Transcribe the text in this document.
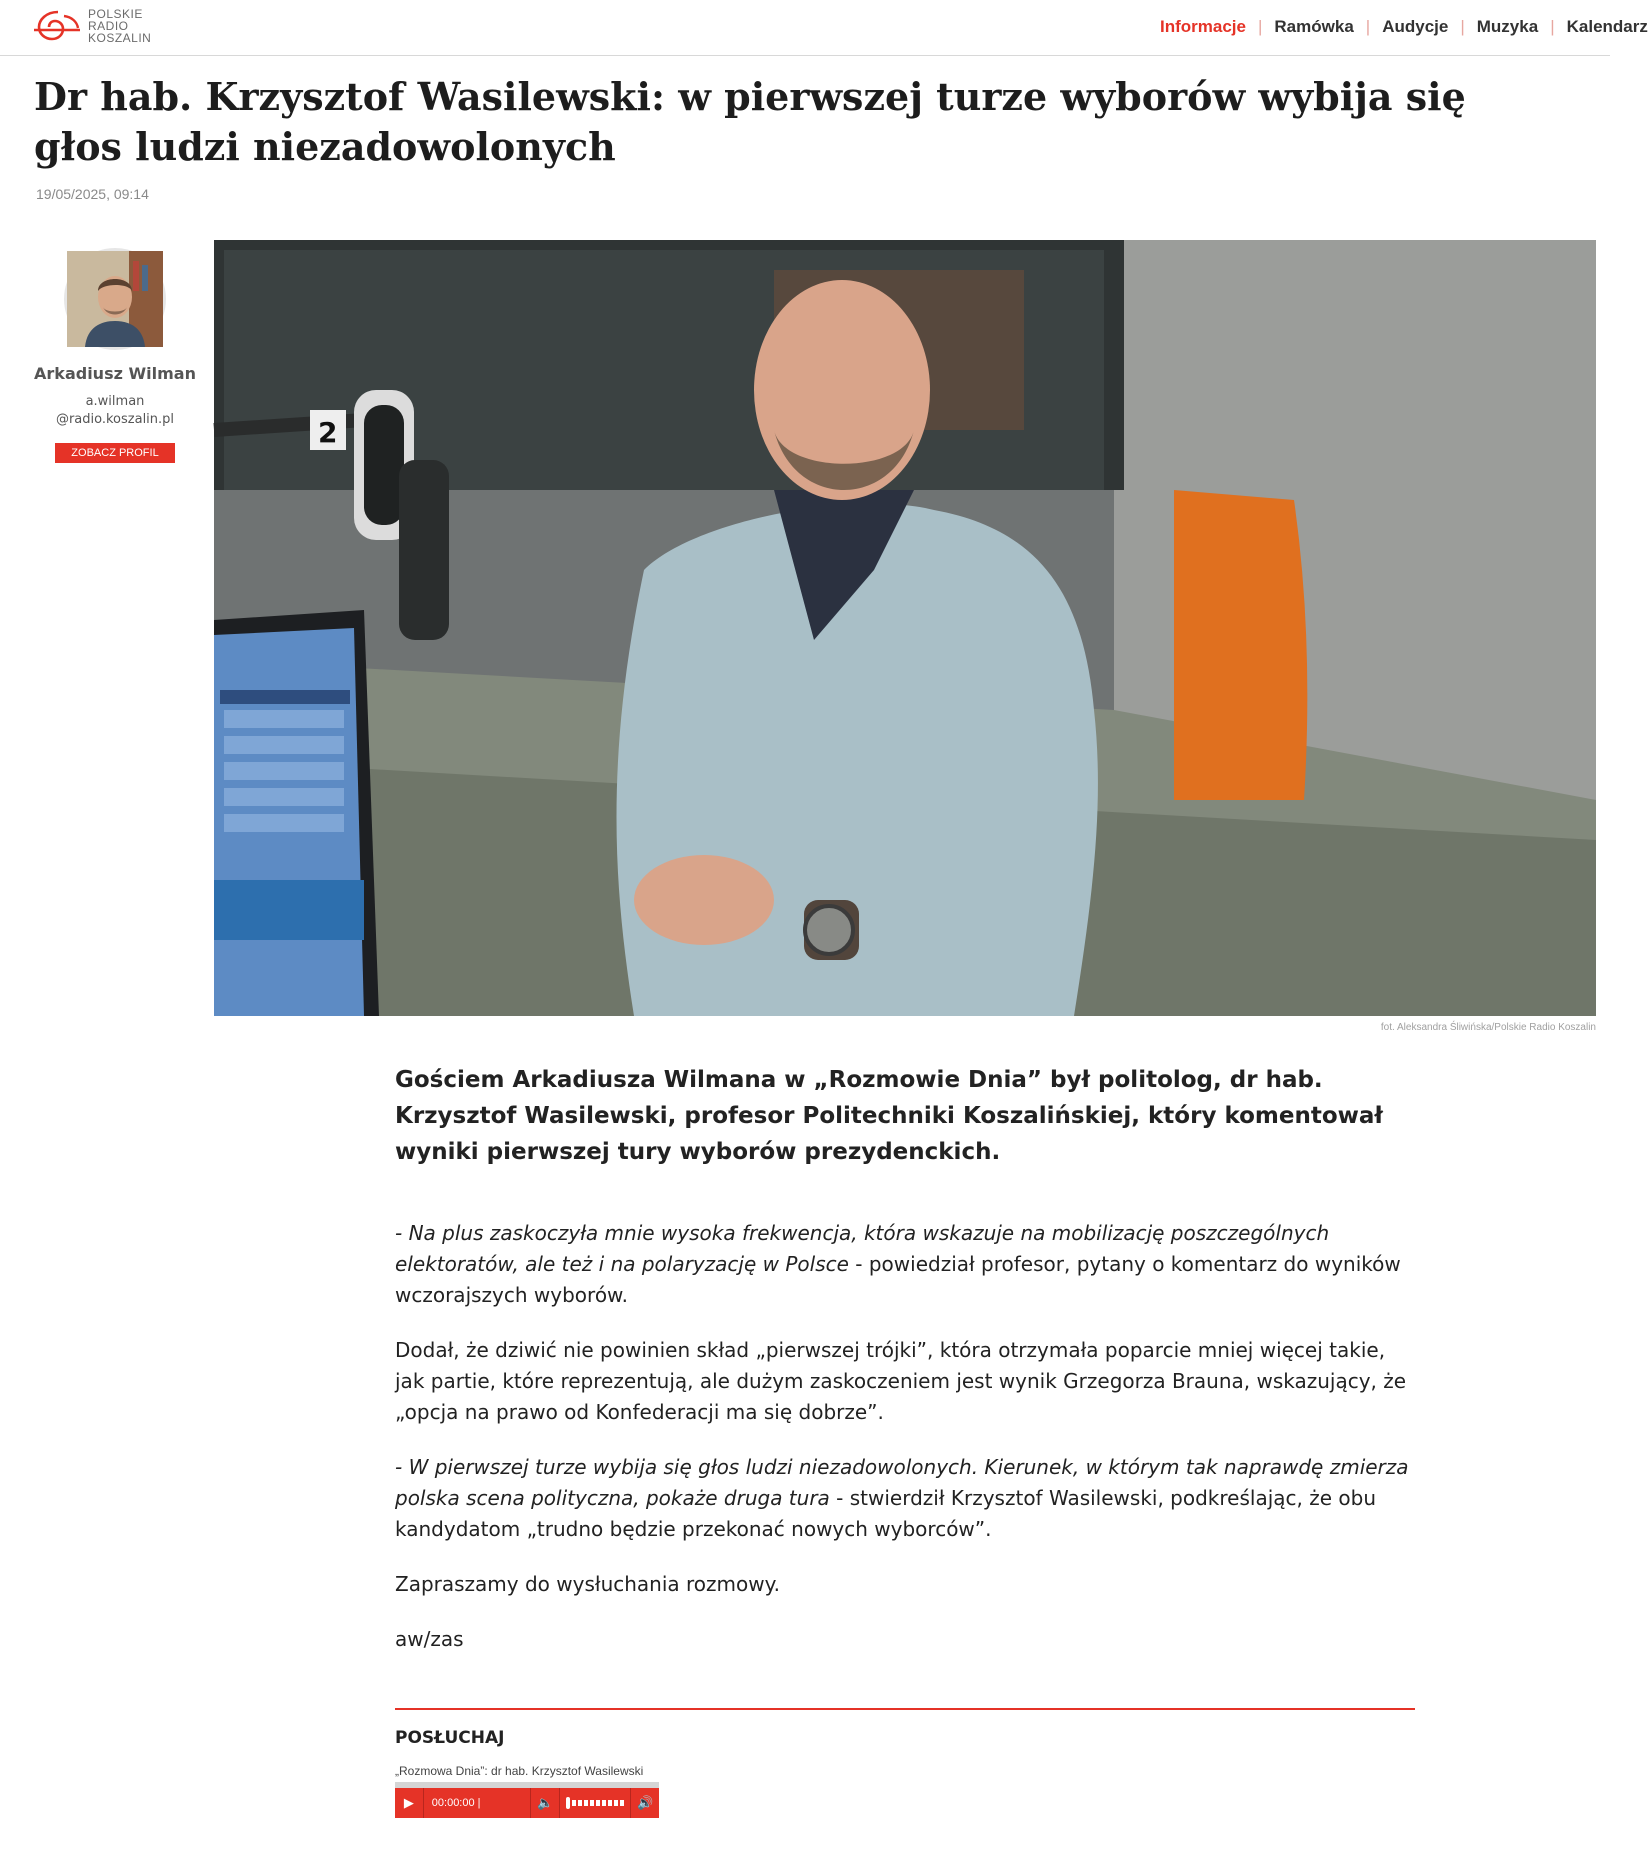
POLSKIE
RADIO
KOSZALIN
Informacje | Ramówka | Audycje | Muzyka | Kalendarz
Dr hab. Krzysztof Wasilewski: w pierwszej turze wyborów wybija się głos ludzi niezadowolonych
19/05/2025, 09:14
Arkadiusz Wilman
a.wilman
@radio.koszalin.pl
ZOBACZ PROFIL
2
fot. Aleksandra Śliwińska/Polskie Radio Koszalin

Gościem Arkadiusza Wilmana w „Rozmowie Dnia” był politolog, dr hab. Krzysztof Wasilewski, profesor Politechniki Koszalińskiej, który komentował wyniki pierwszej tury wyborów prezydenckich.

- Na plus zaskoczyła mnie wysoka frekwencja, która wskazuje na mobilizację poszczególnych elektoratów, ale też i na polaryzację w Polsce - powiedział profesor, pytany o komentarz do wyników wczorajszych wyborów.

Dodał, że dziwić nie powinien skład „pierwszej trójki”, która otrzymała poparcie mniej więcej takie, jak partie, które reprezentują, ale dużym zaskoczeniem jest wynik Grzegorza Brauna, wskazujący, że „opcja na prawo od Konfederacji ma się dobrze”.

- W pierwszej turze wybija się głos ludzi niezadowolonych. Kierunek, w którym tak naprawdę zmierza polska scena polityczna, pokaże druga tura - stwierdził Krzysztof Wasilewski, podkreślając, że obu kandydatom „trudno będzie przekonać nowych wyborców”.

Zapraszamy do wysłuchania rozmowy.

aw/zas

POSŁUCHAJ
„Rozmowa Dnia”: dr hab. Krzysztof Wasilewski
▶	00:00:00 | 00:00:00
🔈	🔊
